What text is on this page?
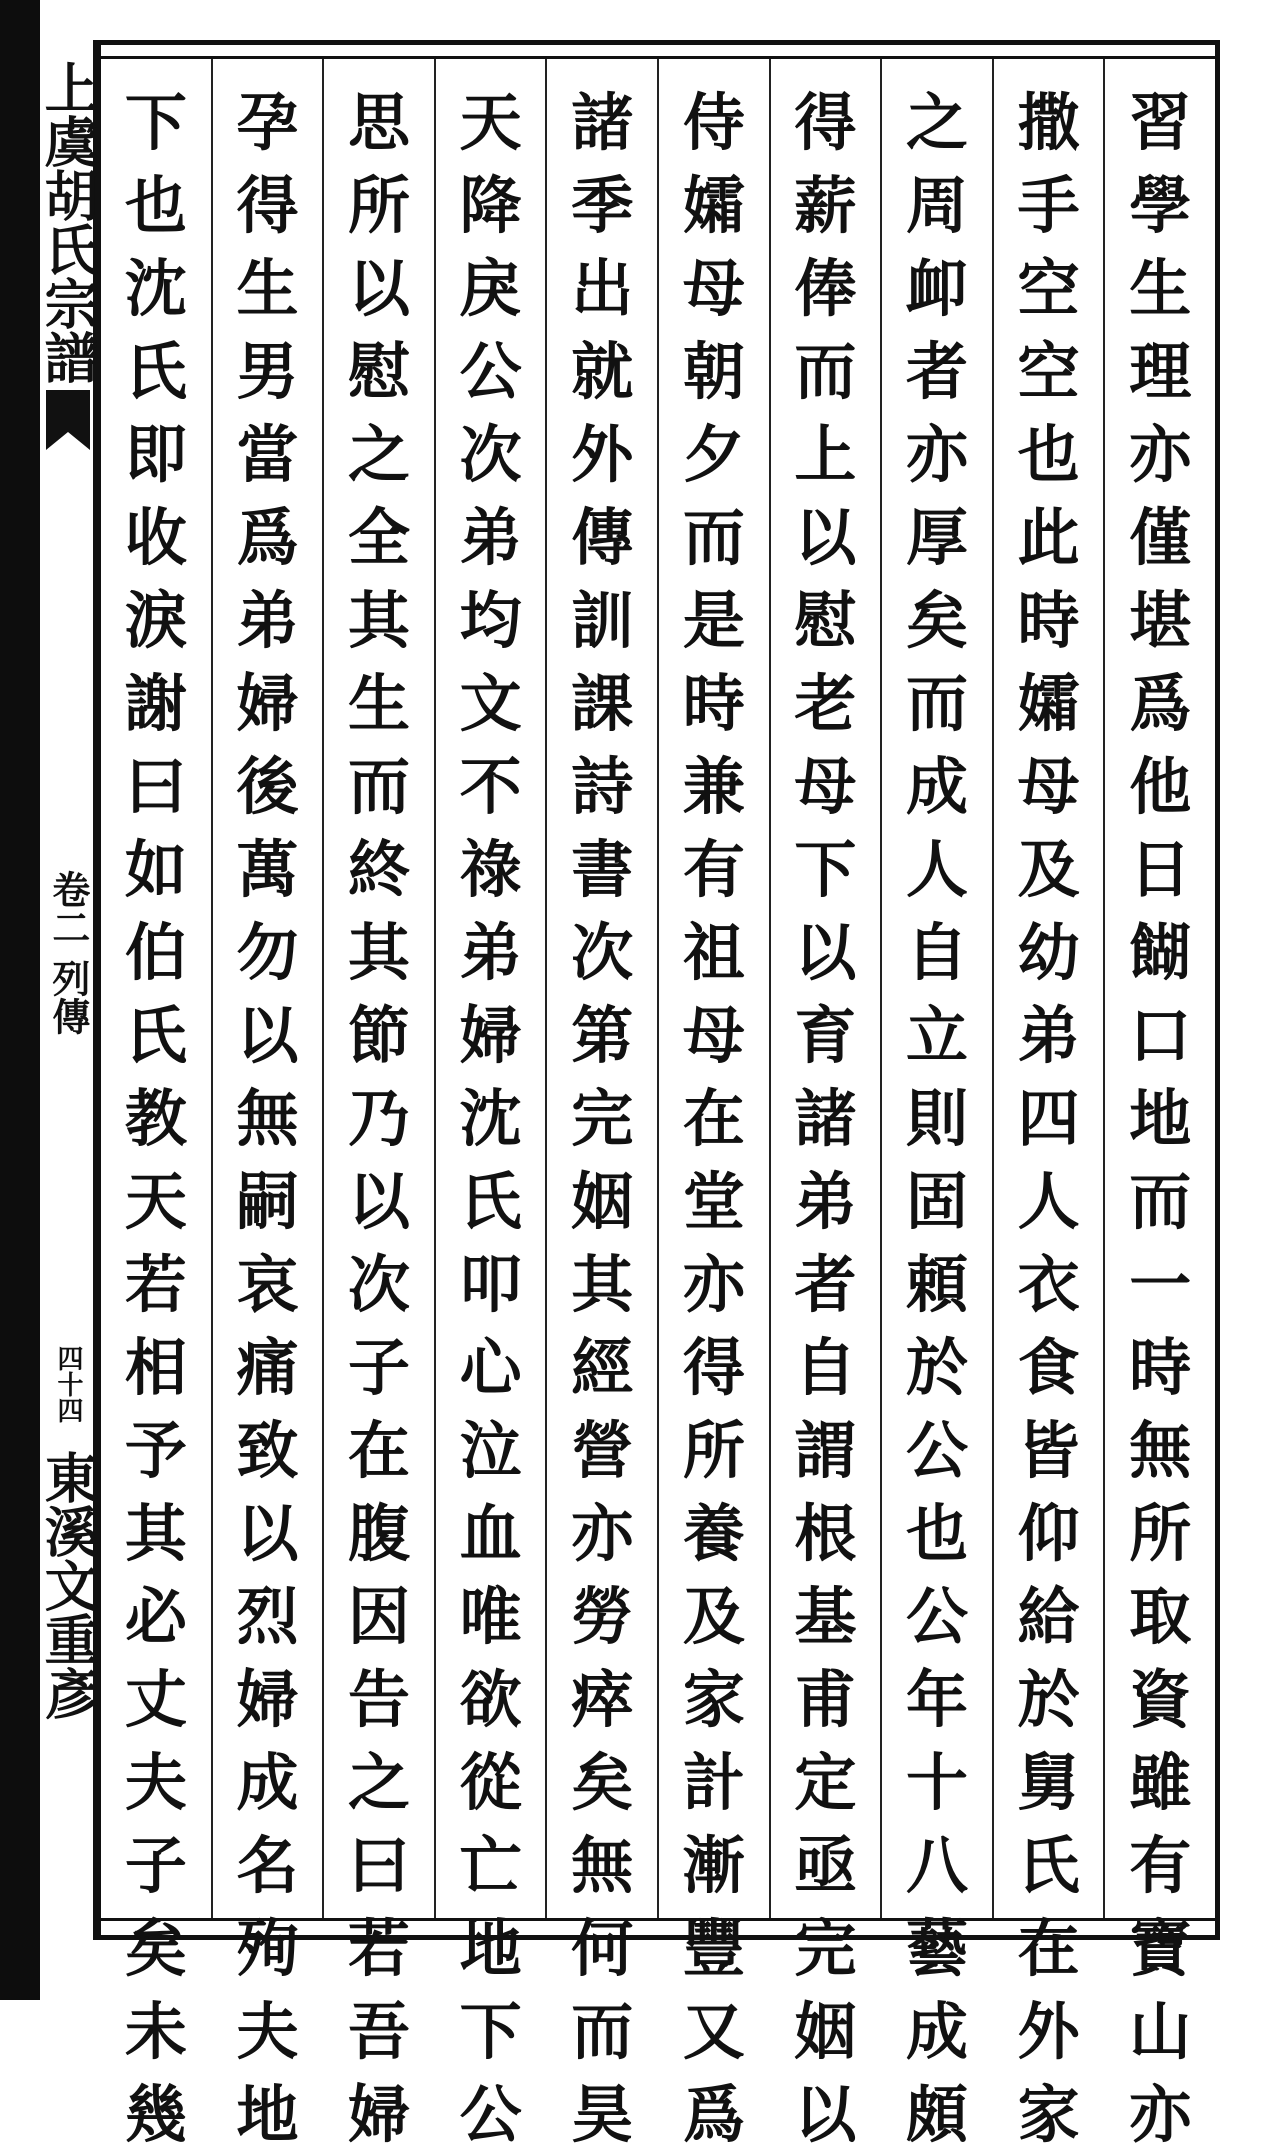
上虞
胡氏宗譜
卷二 列傳
四十四
東溪文重彥
習
學
生
理
亦
僅
堪
爲
他
日
餬
口
地
而
一
時
無
所
取
資
雖
有
寶
山
亦
撒
手
空
空
也
此
時
孀
母
及
幼
弟
四
人
衣
食
皆
仰
給
於
舅
氏
在
外
家
之
周
卹
者
亦
厚
矣
而
成
人
自
立
則
固
頼
於
公
也
公
年
十
八
藝
成
頗
得
薪
俸
而
上
以
慰
老
母
下
以
育
諸
弟
者
自
謂
根
基
甫
定
亟
完
姻
以
侍
孀
母
朝
夕
而
是
時
兼
有
祖
母
在
堂
亦
得
所
養
及
家
計
漸
豐
又
爲
諸
季
出
就
外
傳
訓
課
詩
書
次
第
完
姻
其
經
營
亦
勞
瘁
矣
無
何
而
昊
天
降
戾
公
次
弟
均
文
不
祿
弟
婦
沈
氏
叩
心
泣
血
唯
欲
從
亡
地
下
公
思
所
以
慰
之
全
其
生
而
終
其
節
乃
以
次
子
在
腹
因
告
之
曰
若
吾
婦
孕
得
生
男
當
爲
弟
婦
後
萬
勿
以
無
嗣
哀
痛
致
以
烈
婦
成
名
殉
夫
地
下
也
沈
氏
即
收
淚
謝
曰
如
伯
氏
教
天
若
相
予
其
必
丈
夫
子
矣
未
幾
